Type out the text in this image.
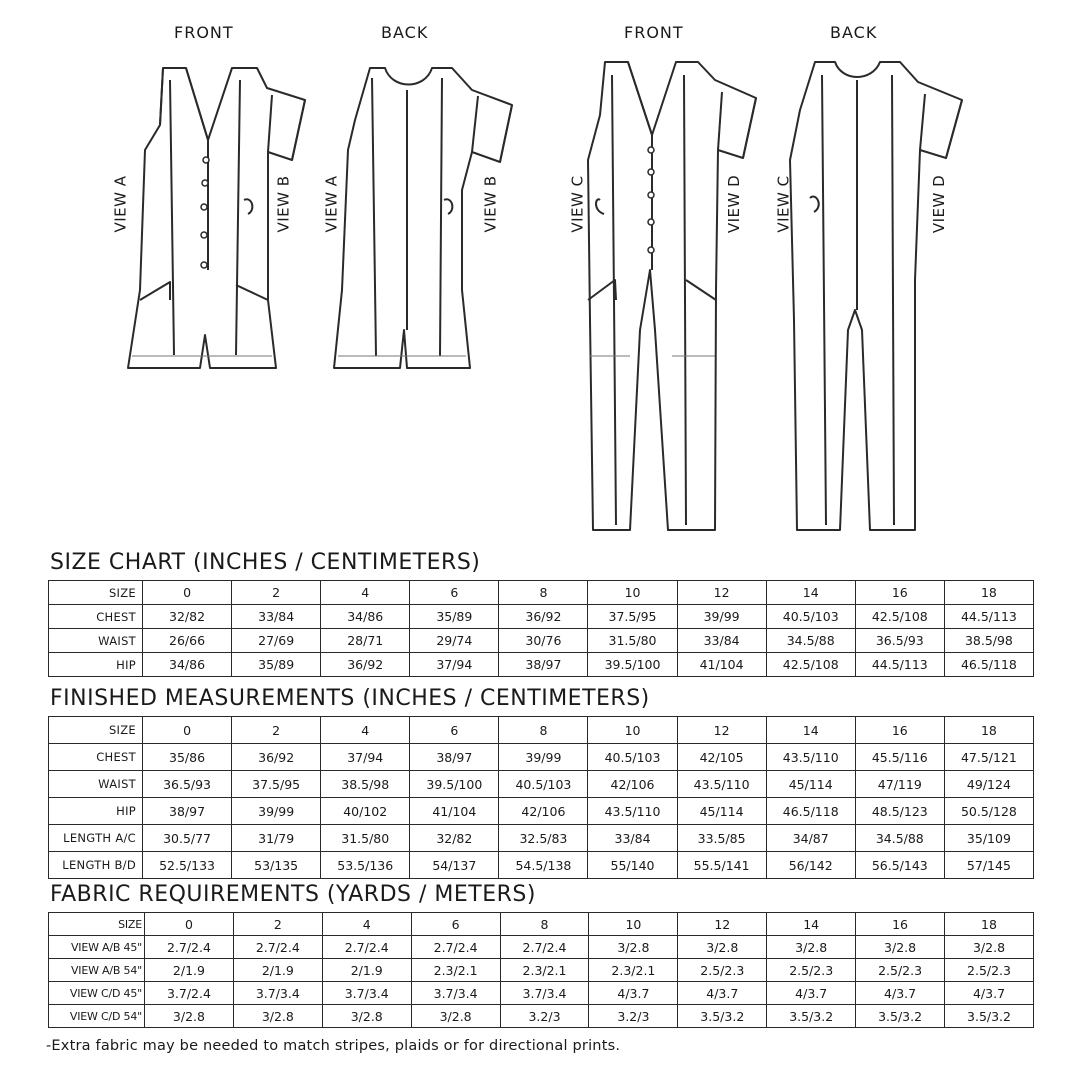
FRONT	BACK	FRONT	BACK
VIEW A	VIEW B VIEW A	VIEW B	VIEW C	VIEW D VIEW C	VIEW D
SIZE CHART (INCHES / CENTIMETERS)
SIZE	0	2	4	6	8	10	12	14	16	18
CHEST	32/82	33/84	34/86	35/89	36/92	37.5/95	39/99	40.5/103	42.5/108	44.5/113
WAIST	26/66	27/69	28/71	29/74	30/76	31.5/80	33/84	34.5/88	36.5/93	38.5/98
HIP	34/86	35/89	36/92	37/94	38/97	39.5/100	41/104	42.5/108	44.5/113	46.5/118
FINISHED MEASUREMENTS (INCHES / CENTIMETERS)
SIZE	0	2	4	6	8	10	12	14	16	18
CHEST	35/86	36/92	37/94	38/97	39/99	40.5/103	42/105	43.5/110	45.5/116	47.5/121
WAIST	36.5/93	37.5/95	38.5/98	39.5/100	40.5/103	42/106	43.5/110	45/114	47/119	49/124
HIP	38/97	39/99	40/102	41/104	42/106	43.5/110	45/114	46.5/118	48.5/123	50.5/128
LENGTH A/C	30.5/77	31/79	31.5/80	32/82	32.5/83	33/84	33.5/85	34/87	34.5/88	35/109
LENGTH B/D	52.5/133	53/135	53.5/136	54/137	54.5/138	55/140	55.5/141	56/142	56.5/143	57/145
FABRIC REQUIREMENTS (YARDS / METERS)
SIZE	0	2	4	6	8	10	12	14	16	18
VIEW A/B 45"	2.7/2.4	2.7/2.4	2.7/2.4	2.7/2.4	2.7/2.4	3/2.8	3/2.8	3/2.8	3/2.8	3/2.8
VIEW A/B 54"	2/1.9	2/1.9	2/1.9	2.3/2.1	2.3/2.1	2.3/2.1	2.5/2.3	2.5/2.3	2.5/2.3	2.5/2.3
VIEW C/D 45"	3.7/2.4	3.7/3.4	3.7/3.4	3.7/3.4	3.7/3.4	4/3.7	4/3.7	4/3.7	4/3.7	4/3.7
VIEW C/D 54"	3/2.8	3/2.8	3/2.8	3/2.8	3.2/3	3.2/3	3.5/3.2	3.5/3.2	3.5/3.2	3.5/3.2
-Extra fabric may be needed to match stripes, plaids or for directional prints.
